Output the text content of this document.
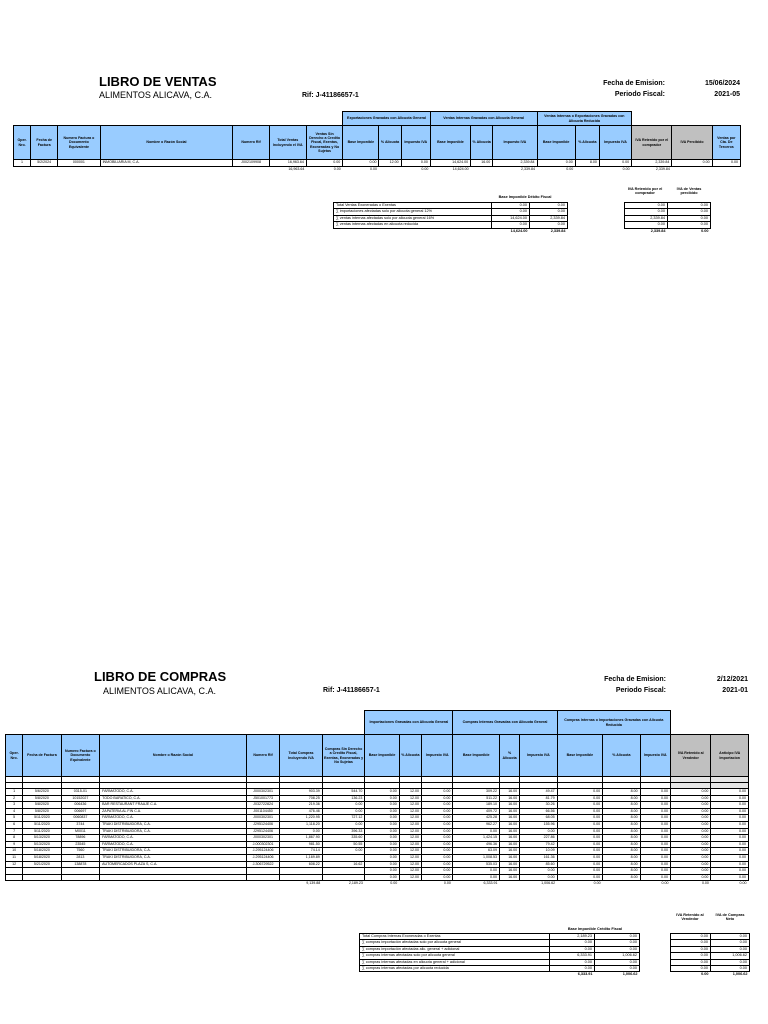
LIBRO DE VENTAS
ALIMENTOS ALICAVA, C.A.	Rif: J-41186657-1
Fecha de Emision:	15/06/2024
Periodo Fiscal:	2021-05
							Exportaciones Gravadas con Alicuota General			Ventas Internas Gravadas con Alicuota General			Ventas Internas o Exportaciones Gravadas con Alicuota Reducida					
Oper. Nro.	Fecha de Factura	Numero Factura o Documento Equivalente	Nombre o Razón Social	Numero Rif	Total Ventas Incluyendo el IVA	Ventas Sin Derecho a Credito Fiscal, Exentas, Exoneradas y No Sujetas	Base Imponible	% Alicuota	Impuesto IVA	Base Imponible	% Alicuota	Impuesto IVA	Base Imponible	% Alicuota	Impuesto IVA	IVA Retenido por el comprador	IVA Percibido	Ventas por Cta. De Terceros
1	5/2/2024	000001	INMOBILIARIA M, C.A.	J002109908	16,963.64	0.00	0.00	12.00	0.00	14,624.00	16.00	2,339.84	0.00	8.00	0.00	2,339.84	0.00	0.00
					16,963.64	0.00	0.00		0.00	14,624.00		2,339.84	0.00		0.00	2,339.84		
Base Imponible Débito Fiscal
IVA Retenido por el comprador
IVA de Ventas percibido
Total Ventas Exoneradas o Exentas	0.00	0.00
∑ importaciones afectadas solo por alicuota general 12%	0.00	0.00
∑ ventas internas afectadas solo por alicuota general 16%	14,624.00	2,339.84
∑ ventas internas afectadas en alicuota reducida	0.00	0.00
	14,624.00	2,339.84
0.00	0.00
0.00	0.00
2,339.84	0.00
0.00	0.00
2,339.84	0.00
LIBRO DE COMPRAS
ALIMENTOS ALICAVA, C.A.	Rif: J-41186657-1
Fecha de Emision:	2/12/2021
Periodo Fiscal:	2021-01
							Importaciones Gravadas con Alicuota General			Compras Internas Gravadas con Alicuota General			Compras Internas o Importaciones Gravadas con Alicuota Reducida				
Oper. Nro.	Fecha de Factura	Numero Factura o Documento Equivalente	Nombre o Razón Social	Numero Rif	Total Compras Incluyendo IVA	Compras Sin Derecho a Credito Fiscal, Exentas, Exoneradas y No Sujetas	Base Imponible	% Alicuota	Impuesto IVA	Base Imponible	% Alicuota	Impuesto IVA	Base Imponible	% Alicuota	Impuesto IVA	IVA Retenido al Vendedor	Anticipo IVA Importacion

1	5/6/2020	0315-01	FARMATODO, C.A.	J000302301	903.39	544.70	0.00	12.00	0.00	309.22	16.00	49.47	0.00	8.00	0.00	0.00	0.00
2	5/8/2020	10152027	TODO BARATICO, C.A.	J501001773	708.25	136.23	0.00	12.00	0.00	511.22	16.00	81.79	0.00	8.00	0.00	0.00	0.00
3	5/8/2020	006436	BAR RESTAURANT FRAAJE C.A.	J032722824	219.36	0.00	0.00	12.00	0.00	189.10	16.00	30.26	0.00	8.00	0.00	0.00	0.00
4	5/8/2020	006697	ZAPATERIA AL FIN C.A.	J001104450	476.46	0.00	0.00	12.00	0.00	409.72	16.00	66.56	0.00	8.00	0.00	0.00	0.00
5	5/11/2020	0060837	FARMATODO, C.A.	J000302301	1,220.95	727.12	0.00	12.00	0.00	425.28	16.00	68.05	0.00	8.00	0.00	0.00	0.00
6	5/11/2020	3744	TRAKI DISTRIBUIDORA, C.A.	J295124406	1,118.20	0.00	0.00	12.00	0.00	962.27	16.00	155.96	0.00	8.00	0.00	0.00	0.00
7	5/11/2020	M0011	TRAKI DISTRIBUIDORA, C.A.	J295124406	0.00	396.33	0.00	12.00	0.00	0.00	16.00	0.00	0.00	8.00	0.00	0.00	0.00
8	5/13/2020	78896	FARMATODO, C.A.	J000302301	1,867.90	335.60	0.00	12.00	0.00	1,424.15	16.00	227.86	0.00	8.00	0.00	0.00	0.00
9	5/13/2020	23545	FARMATODO, C.A.	J-000302301	981.50	50.55	0.00	12.00	0.00	496.36	16.00	79.42	0.00	8.00	0.00	0.00	0.00
10	5/18/2020	7560	TRAKI DISTRIBUIDORA, C.A.	J-295124406	74.14	0.00	0.00	12.00	0.00	63.09	16.00	10.09	0.00	8.00	0.00	0.00	0.00
11	5/18/2020	2813	TRAKI DISTRIBUIDORA, C.A.	J-295124406	1,169.89		0.00	12.00	0.00	1,008.53	16.00	161.36	0.00	8.00	0.00	0.00	0.00
12	5/21/2020	138878	AUTOMERCADOS PLAZA S, C.A.	J-306729522	608.22	16.62	0.00	12.00	0.00	535.03	16.00	85.60	0.00	8.00	0.00	0.00	0.00
							0.00	12.00	0.00	0.00	16.00	0.00	0.00	8.00	0.00	0.00	0.00
							0.00	12.00	0.00	0.00	16.00	0.00	0.00	8.00	0.00	0.00	0.00
					9,139.88	2,189.23	0.00		0.00	6,333.91		1,006.62	0.00		0.00	0.00	0.00
Base Imponible Crédito Fiscal
IVA Retenido al Vendedor
IVA de Compras Neto
Total Compras Internas Exoneradas o Exentas	2,189.23	0.00
∑ compras importación afectadas solo por alicuota general	0.00	0.00
∑ compras importación afectadas alic. general + adicional	0.00	0.00
∑ compras internas afectadas solo por alicuota general	6,333.91	1,006.62
∑ compras internas afectadas en alicuota general + adicional	0.00	0.00
∑ compras internas afectadas por alicuota reducida	0.00	0.00
	6,333.91	1,006.62
0.00	0.00
0.00	0.00
0.00	0.00
0.00	1,006.62
0.00	0.00
0.00	0.00
0.00	1,006.62
